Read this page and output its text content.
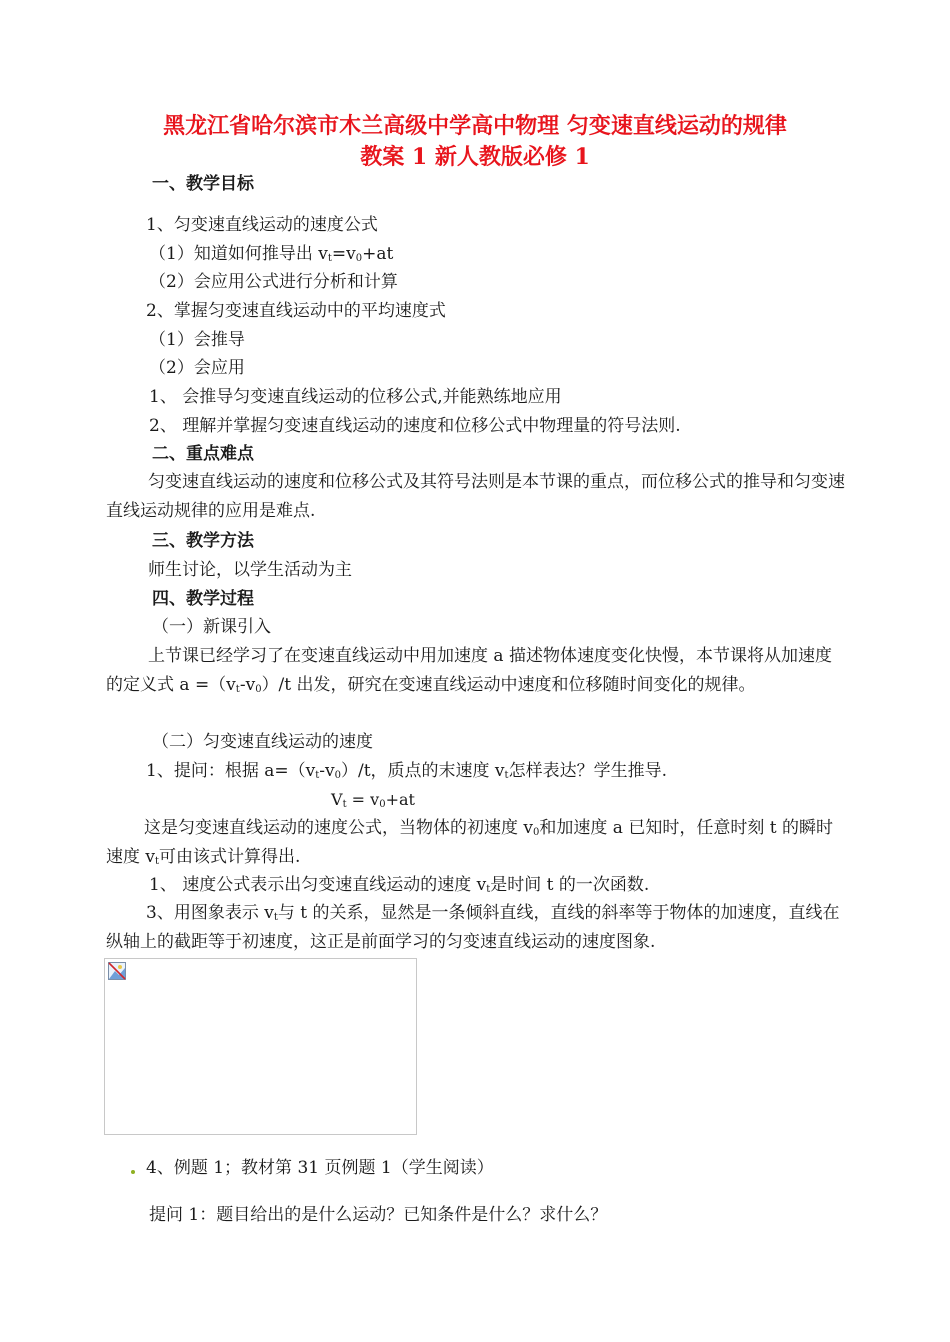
黑龙江省哈尔滨市木兰高级中学高中物理 匀变速直线运动的规律
教案 1 新人教版必修 1
一、教学目标
1、匀变速直线运动的速度公式
（1）知道如何推导出 $v_t=v_0+at$
（2）会应用公式进行分析和计算
2、掌握匀变速直线运动中的平均速度式
（1）会推导
（2）会应用
1、 会推导匀变速直线运动的位移公式,并能熟练地应用
2、 理解并掌握匀变速直线运动的速度和位移公式中物理量的符号法则.
二、重点难点
匀变速直线运动的速度和位移公式及其符号法则是本节课的重点，而位移公式的推导和匀变速直线运动规律的应用是难点.
三、教学方法
师生讨论，以学生活动为主
四、教学过程
（一）新课引入
上节课已经学习了在变速直线运动中用加速度 a 描述物体速度变化快慢，本节课将从加速度的定义式 $a =(v_t-v_0)/t$ 出发，研究在变速直线运动中速度和位移随时间变化的规律。
（二）匀变速直线运动的速度
1、提问：根据 $a=(v_t-v_0)/t$，质点的末速度 $v_t$怎样表达？学生推导.
$V_t = v_0+at$
这是匀变速直线运动的速度公式，当物体的初速度 $v_0$和加速度 a 已知时，任意时刻 t 的瞬时速度 $v_t$可由该式计算得出.
1、 速度公式表示出匀变速直线运动的速度 $v_t$是时间 t 的一次函数.
3、用图象表示 $v_t$与 t 的关系，显然是一条倾斜直线，直线的斜率等于物体的加速度，直线在纵轴上的截距等于初速度，这正是前面学习的匀变速直线运动的速度图象.
4、例题 1；教材第 31 页例题 1（学生阅读）
提问 1：题目给出的是什么运动？已知条件是什么？求什么？
